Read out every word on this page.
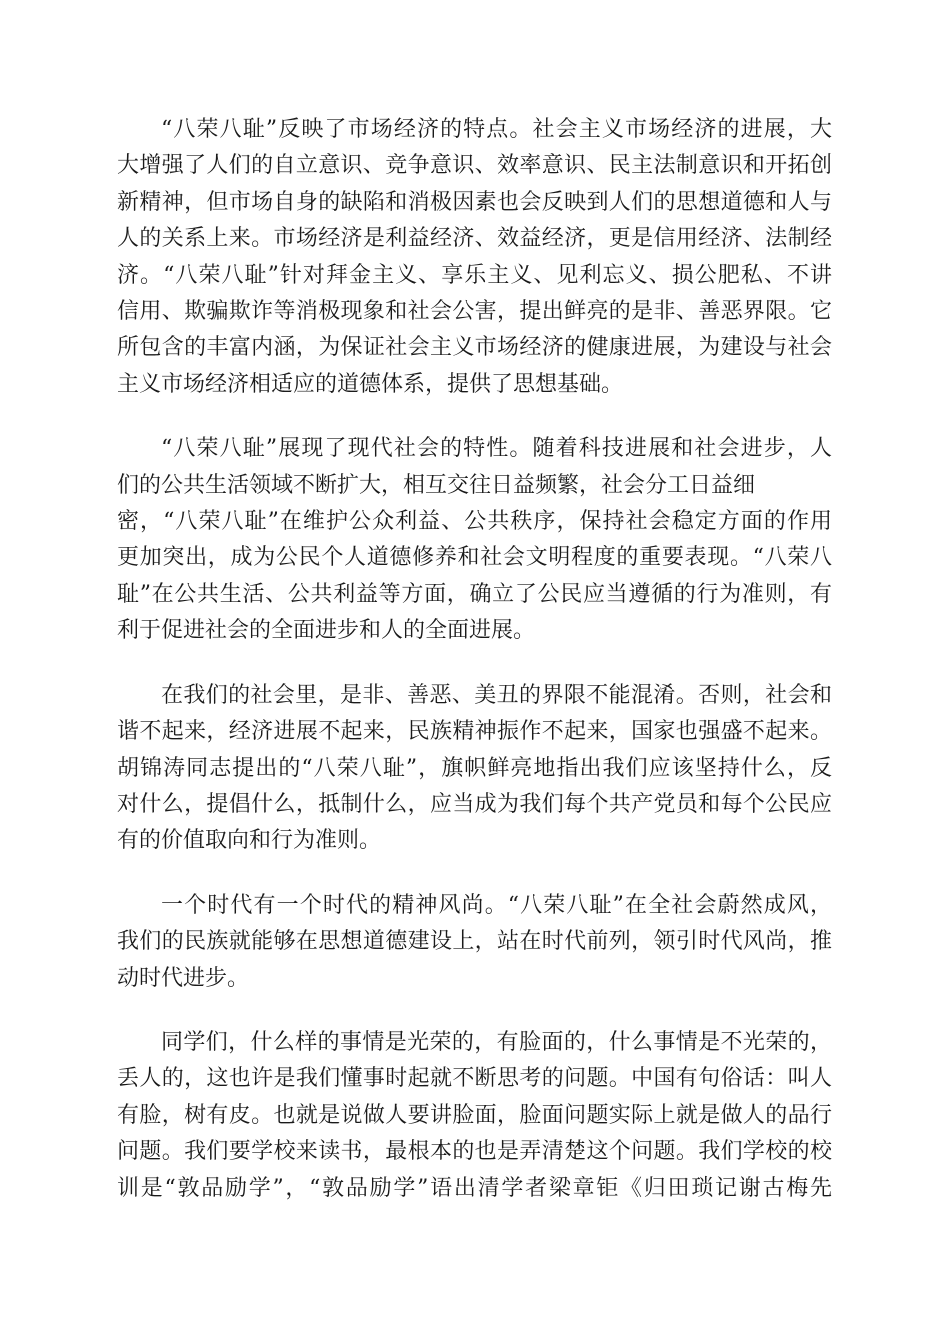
“八荣八耻”反映了市场经济的特点。社会主义市场经济的进展，大
大增强了人们的自立意识、竞争意识、效率意识、民主法制意识和开拓创
新精神，但市场自身的缺陷和消极因素也会反映到人们的思想道德和人与
人的关系上来。市场经济是利益经济、效益经济，更是信用经济、法制经
济。“八荣八耻”针对拜金主义、享乐主义、见利忘义、损公肥私、不讲
信用、欺骗欺诈等消极现象和社会公害，提出鲜亮的是非、善恶界限。它
所包含的丰富内涵，为保证社会主义市场经济的健康进展，为建设与社会
主义市场经济相适应的道德体系，提供了思想基础。

“八荣八耻”展现了现代社会的特性。随着科技进展和社会进步，人
们的公共生活领域不断扩大，相互交往日益频繁，社会分工日益细
密，“八荣八耻”在维护公众利益、公共秩序，保持社会稳定方面的作用
更加突出，成为公民个人道德修养和社会文明程度的重要表现。“八荣八
耻”在公共生活、公共利益等方面，确立了公民应当遵循的行为准则，有
利于促进社会的全面进步和人的全面进展。

在我们的社会里，是非、善恶、美丑的界限不能混淆。否则，社会和
谐不起来，经济进展不起来，民族精神振作不起来，国家也强盛不起来。
胡锦涛同志提出的“八荣八耻”，旗帜鲜亮地指出我们应该坚持什么，反
对什么，提倡什么，抵制什么，应当成为我们每个共产党员和每个公民应
有的价值取向和行为准则。

一个时代有一个时代的精神风尚。“八荣八耻”在全社会蔚然成风，
我们的民族就能够在思想道德建设上，站在时代前列，领引时代风尚，推
动时代进步。

同学们，什么样的事情是光荣的，有脸面的，什么事情是不光荣的，
丢人的，这也许是我们懂事时起就不断思考的问题。中国有句俗话：叫人
有脸，树有皮。也就是说做人要讲脸面，脸面问题实际上就是做人的品行
问题。我们要学校来读书，最根本的也是弄清楚这个问题。我们学校的校
训是“敦品励学”，“敦品励学”语出清学者梁章钜《归田琐记谢古梅先
